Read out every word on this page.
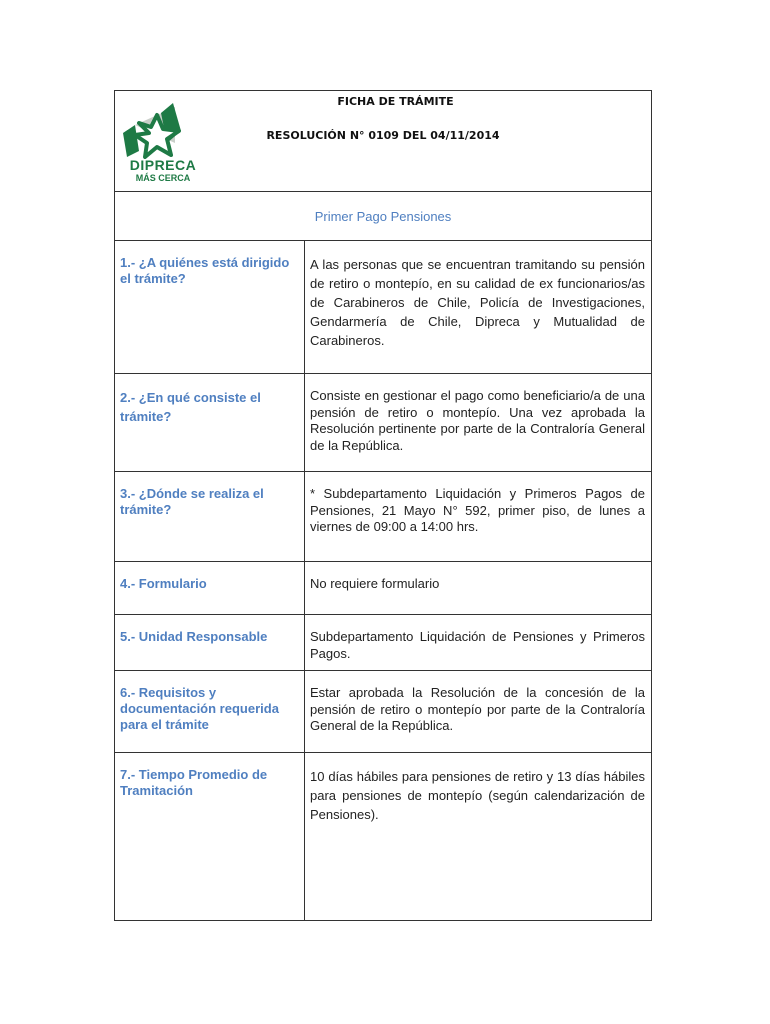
DIPRECA
MÁS CERCA
FICHA DE TRÁMITE
RESOLUCIÓN N° 0109 DEL 04/11/2014	

Primer Pago Pensiones	
1.- ¿A quiénes está dirigido el trámite?	A las personas que se encuentran tramitando su pensión de retiro o montepío, en su calidad de ex funcionarios/as de Carabineros de Chile, Policía de Investigaciones, Gendarmería de Chile, Dipreca y Mutualidad de Carabineros.
2.- ¿En qué consiste el trámite?	Consiste en gestionar el pago como beneficiario/a de una pensión de retiro o montepío. Una vez aprobada la Resolución pertinente por parte de la Contraloría General de la República.
3.- ¿Dónde se realiza el trámite?	* Subdepartamento Liquidación y Primeros Pagos de Pensiones, 21 Mayo N° 592, primer piso, de lunes a viernes de 09:00 a 14:00 hrs.
4.- Formulario	No requiere formulario
5.- Unidad Responsable	Subdepartamento Liquidación de Pensiones y Primeros Pagos.
6.- Requisitos y documentación requerida para el trámite	Estar aprobada la Resolución de la concesión de la pensión de retiro o montepío por parte de la Contraloría General de la República.
7.- Tiempo Promedio de Tramitación	10 días hábiles para pensiones de retiro y 13 días hábiles para pensiones de montepío (según calendarización de Pensiones).
